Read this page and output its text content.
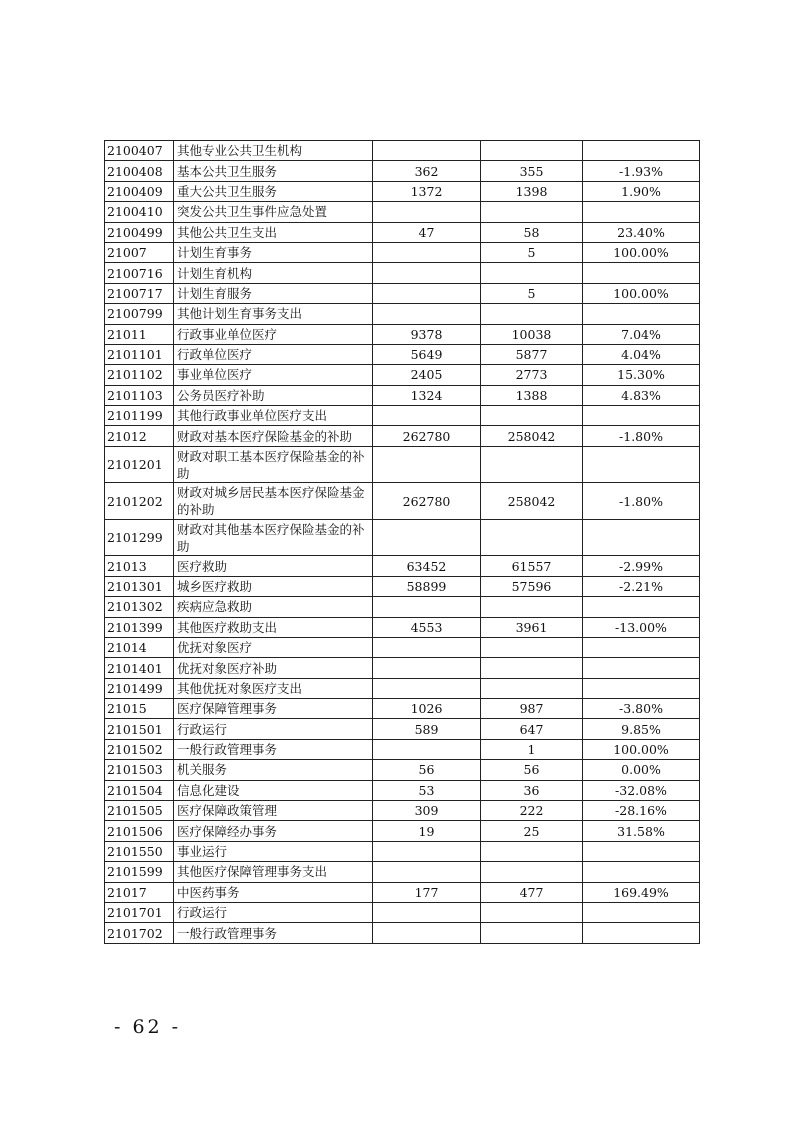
2100407	其他专业公共卫生机构			
2100408	基本公共卫生服务	362	355	-1.93%
2100409	重大公共卫生服务	1372	1398	1.90%
2100410	突发公共卫生事件应急处置			
2100499	其他公共卫生支出	47	58	23.40%
21007	计划生育事务		5	100.00%
2100716	计划生育机构			
2100717	计划生育服务		5	100.00%
2100799	其他计划生育事务支出			
21011	行政事业单位医疗	9378	10038	7.04%
2101101	行政单位医疗	5649	5877	4.04%
2101102	事业单位医疗	2405	2773	15.30%
2101103	公务员医疗补助	1324	1388	4.83%
2101199	其他行政事业单位医疗支出			
21012	财政对基本医疗保险基金的补助	262780	258042	-1.80%
2101201	财政对职工基本医疗保险基金的补助			
2101202	财政对城乡居民基本医疗保险基金的补助	262780	258042	-1.80%
2101299	财政对其他基本医疗保险基金的补助			
21013	医疗救助	63452	61557	-2.99%
2101301	城乡医疗救助	58899	57596	-2.21%
2101302	疾病应急救助			
2101399	其他医疗救助支出	4553	3961	-13.00%
21014	优抚对象医疗			
2101401	优抚对象医疗补助			
2101499	其他优抚对象医疗支出			
21015	医疗保障管理事务	1026	987	-3.80%
2101501	行政运行	589	647	9.85%
2101502	一般行政管理事务		1	100.00%
2101503	机关服务	56	56	0.00%
2101504	信息化建设	53	36	-32.08%
2101505	医疗保障政策管理	309	222	-28.16%
2101506	医疗保障经办事务	19	25	31.58%
2101550	事业运行			
2101599	其他医疗保障管理事务支出			
21017	中医药事务	177	477	169.49%
2101701	行政运行			
2101702	一般行政管理事务			
- 62 -
